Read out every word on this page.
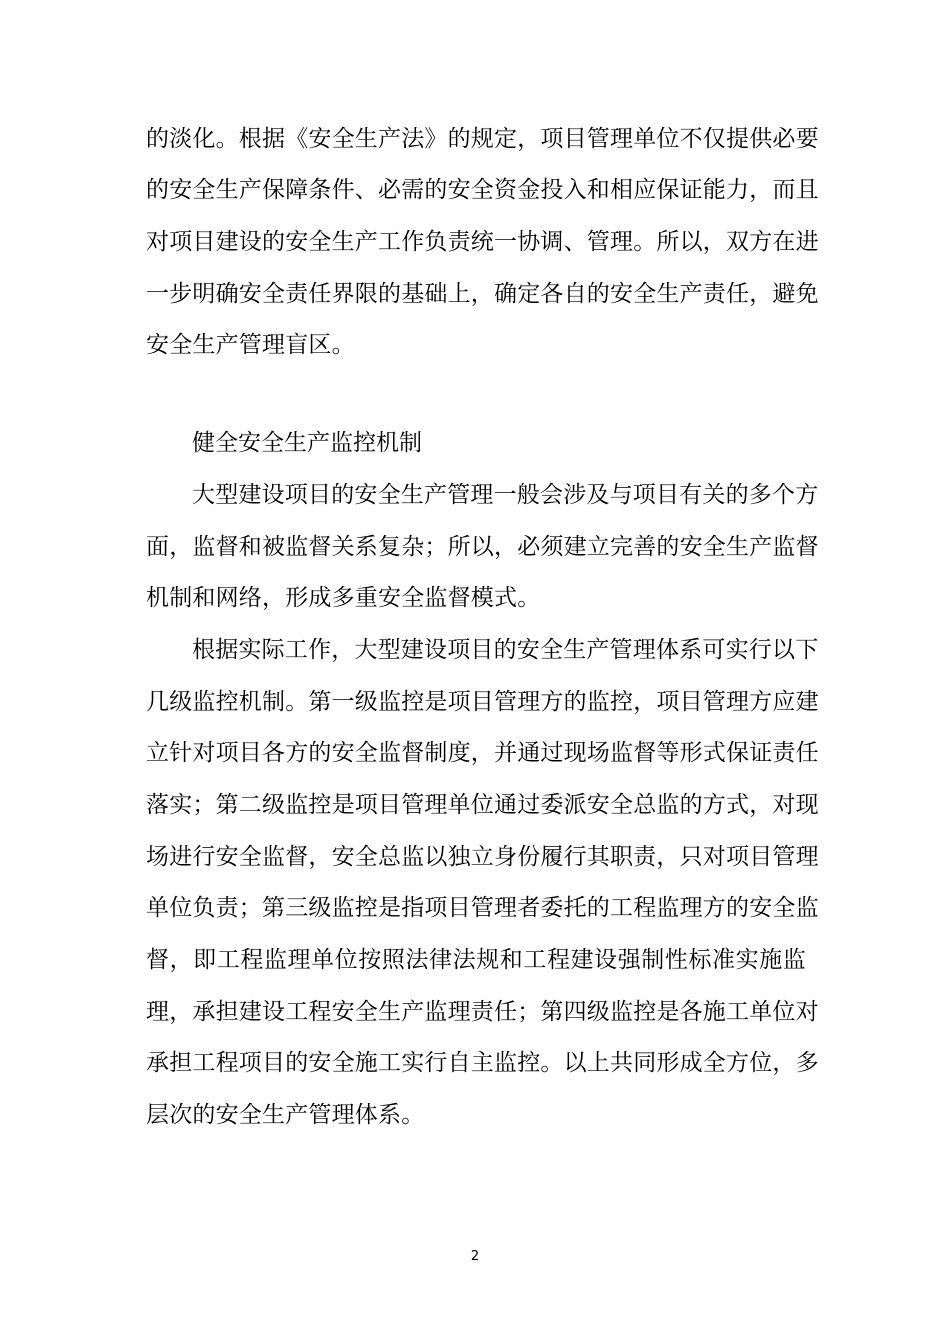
的淡化。根据《安全生产法》的规定，项目管理单位不仅提供必要
的安全生产保障条件、必需的安全资金投入和相应保证能力，而且
对项目建设的安全生产工作负责统一协调、管理。所以，双方在进
一步明确安全责任界限的基础上，确定各自的安全生产责任，避免
安全生产管理盲区。
健全安全生产监控机制
大型建设项目的安全生产管理一般会涉及与项目有关的多个方
面，监督和被监督关系复杂；所以，必须建立完善的安全生产监督
机制和网络，形成多重安全监督模式。
根据实际工作，大型建设项目的安全生产管理体系可实行以下
几级监控机制。第一级监控是项目管理方的监控，项目管理方应建
立针对项目各方的安全监督制度，并通过现场监督等形式保证责任
落实；第二级监控是项目管理单位通过委派安全总监的方式，对现
场进行安全监督，安全总监以独立身份履行其职责，只对项目管理
单位负责；第三级监控是指项目管理者委托的工程监理方的安全监
督，即工程监理单位按照法律法规和工程建设强制性标准实施监
理，承担建设工程安全生产监理责任；第四级监控是各施工单位对
承担工程项目的安全施工实行自主监控。以上共同形成全方位，多
层次的安全生产管理体系。
2
